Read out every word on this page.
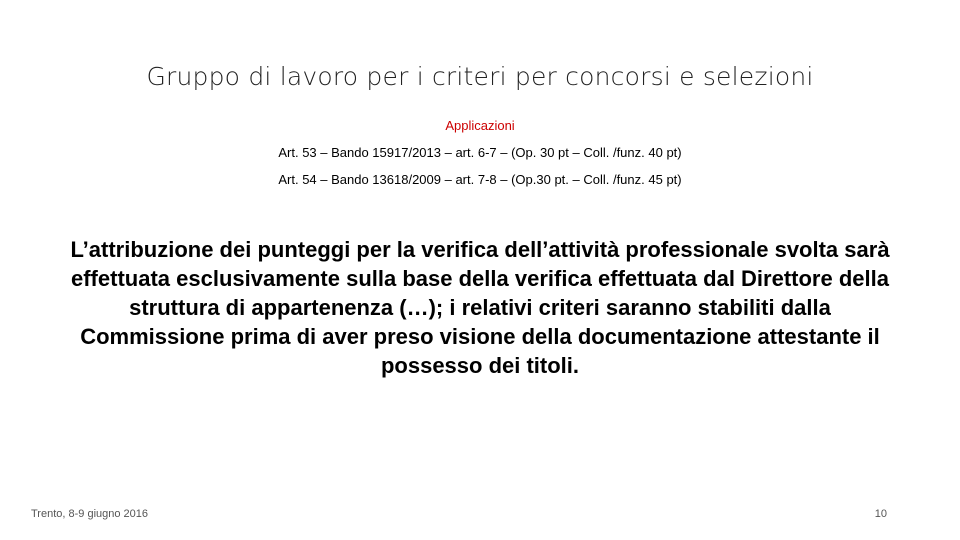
Gruppo di lavoro per i criteri per concorsi e selezioni
Applicazioni
Art. 53 – Bando 15917/2013 – art. 6-7 – (Op. 30 pt – Coll. /funz. 40 pt)
Art. 54 – Bando 13618/2009 – art. 7-8 – (Op.30 pt. – Coll. /funz. 45 pt)
L’attribuzione dei punteggi per la verifica dell’attività professionale svolta sarà effettuata esclusivamente sulla base della verifica effettuata dal Direttore della struttura di appartenenza (…); i relativi criteri saranno stabiliti dalla Commissione prima di aver preso visione della documentazione attestante il possesso dei titoli.
Trento, 8-9 giugno 2016	10
